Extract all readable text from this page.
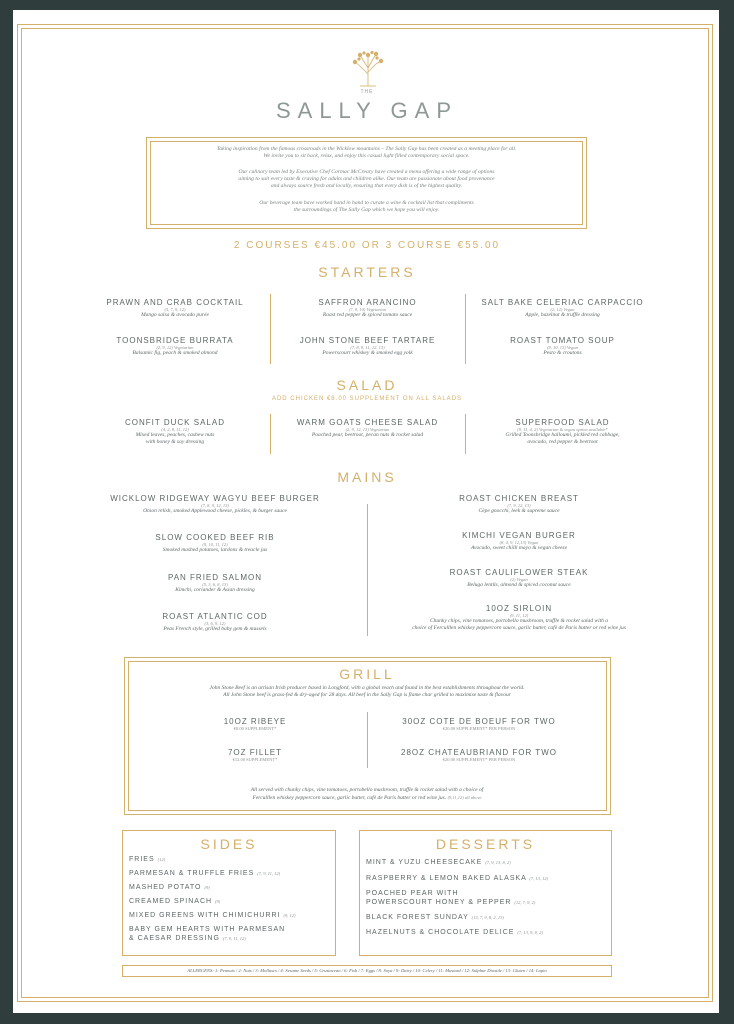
THE
SALLY GAP
Taking inspiration from the famous crossroads in the Wicklow mountains – The Sally Gap has been created as a meeting place for all.
We invite you to sit back, relax, and enjoy this casual light filled contemporary social space.
Our culinary team led by Executive Chef Cormac McCreary have created a menu offering a wide range of options
aiming to suit every taste & craving for adults and children alike. Our team are passionate about food provenance
and always source fresh and locally, ensuring that every dish is of the highest quality.
Our beverage team have worked hand in hand to curate a wine & cocktail list that compliments
the surroundings of The Sally Gap which we hope you will enjoy.
2 COURSES €45.00 OR 3 COURSE €55.00
STARTERS
PRAWN AND CRAB COCKTAIL
(5, 7, 9, 12)
Mango salsa & avocado purée
SAFFRON ARANCINO
(7, 9, 10) Vegetarian
Roast red pepper & spiced tomato sauce
SALT BAKE CELERIAC CARPACCIO
(2, 12) Vegan
Apple, hazelnut & truffle dressing
TOONSBRIDGE BURRATA
(2, 9, 12) Vegetarian
Balsamic fig, peach & smoked almond
JOHN STONE BEEF TARTARE
(7, 8, 9, 11, 12, 13)
Powerscourt whiskey & smoked egg yolk
ROAST TOMATO SOUP
(9, 10, 13) Vegan
Pesto & croutons
SALAD
ADD CHICKEN €8.00 SUPPLEMENT ON ALL SALADS
CONFIT DUCK SALAD
(4, 2, 8, 11, 12)
Mixed leaves, peaches, cashew nuts
with honey & soy dressing
WARM GOATS CHEESE SALAD
(2, 9, 12, 13) Vegetarian
Poached pear, beetroot, pecan nuts & rocket salad
SUPERFOOD SALAD
(9, 11, 4, 2) Vegetarian & vegan option available*
Grilled Toonsbridge halloumi, pickled red cabbage,
avocado, red pepper & beetroot
MAINS
WICKLOW RIDGEWAY WAGYU BEEF BURGER
(7, 8, 9, 12, 13)
Onion relish, smoked Applewood cheese, pickles, & burger sauce
SLOW COOKED BEEF RIB
(9, 10, 11, 12)
Smoked mashed potatoes, lardons & treacle jus
PAN FRIED SALMON
(5, 3, 6, 8, 13)
Kimchi, coriander & Asian dressing
ROAST ATLANTIC COD
(3, 6, 9, 12)
Peas French style, grilled baby gem & mussels
ROAST CHICKEN BREAST
(7, 9, 12, 13)
Cèpe gnocchi, leek & supreme sauce
KIMCHI VEGAN BURGER
(8, 4, 9, 12,13) Vegan
Avocado, sweet chilli mayo & vegan cheese
ROAST CAULIFLOWER STEAK
(2) Vegan
Beluga lentils, almond & spiced coconut sauce
10OZ SIRLOIN
(9, 11, 12)
Chunky chips, vine tomatoes, portobello mushroom, truffle & rocket salad with a
choice of Ferculllen whiskey peppercorn sauce, garlic butter, café de Paris butter or red wine jus
GRILL
John Stone Beef is an artisan Irish producer based in Longford, with a global reach and found in the best establishments throughout the world.
All John Stone beef is grass-fed & dry-aged for 28 days. All beef in the Sally Gap is flame char grilled to maximise taste & flavour
10OZ RIBEYE
€8.00 SUPPLEMENT*
30OZ COTE DE BOEUF FOR TWO
€20.00 SUPPLEMENT* PER PERSON
7OZ FILLET
€12.00 SUPPLEMENT*
28OZ CHATEAUBRIAND FOR TWO
€20.00 SUPPLEMENT* PER PERSON
All served with chunky chips, vine tomatoes, portobello mushroom, truffle & rocket salad with a choice of
Ferculllen whiskey peppercorn sauce, garlic butter, café de Paris butter or red wine jus. (9,11,12) all above
SIDES
FRIES (12)
PARMESAN & TRUFFLE FRIES (7, 9, 11, 12)
MASHED POTATO (9)
CREAMED SPINACH (9)
MIXED GREENS WITH CHIMICHURRI (9, 12)
BABY GEM HEARTS WITH PARMESAN
& CAESAR DRESSING (7, 9, 11, 12)
DESSERTS
MINT & YUZU CHEESECAKE (7, 9, 13, 8, 2)
RASPBERRY & LEMON BAKED ALASKA (7, 13, 12)
POACHED PEAR WITH
POWERSCOURT HONEY & PEPPER (12, 7, 9, 2)
BLACK FOREST SUNDAY (13, 7, 9, 8, 2, 13)
HAZELNUTS & CHOCOLATE DELICE (7, 13, 9, 8, 2)
ALLERGENS: 1: Peanuts / 2: Nuts / 3: Molluscs / 4: Sesame Seeds / 5: Crustacean / 6: Fish / 7: Eggs / 8: Soya / 9: Dairy / 10: Celery / 11: Mustard / 12: Sulphur Dioxide / 13: Gluten / 14: Lupin
